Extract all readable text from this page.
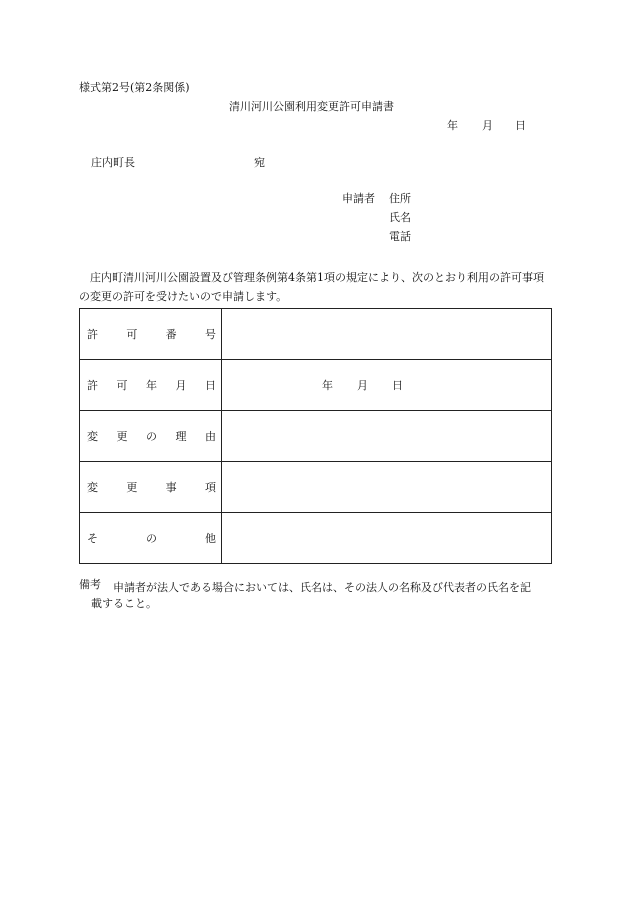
様式第2号(第2条関係)
清川河川公園利用変更許可申請書
年 月 日
庄内町長	宛
申請者 住所
氏名
電話
庄内町清川河川公園設置及び管理条例第4条第1項の規定により、次のとおり利用の許可事項の変更の許可を受けたいので申請します。
許 可 番 号	

許 可 年 月 日	年 月 日

変 更 の 理 由	

変 更 事 項	

そ の 他	

備考 申請者が法人である場合においては、氏名は、その法人の名称及び代表者の氏名を記
載すること。
